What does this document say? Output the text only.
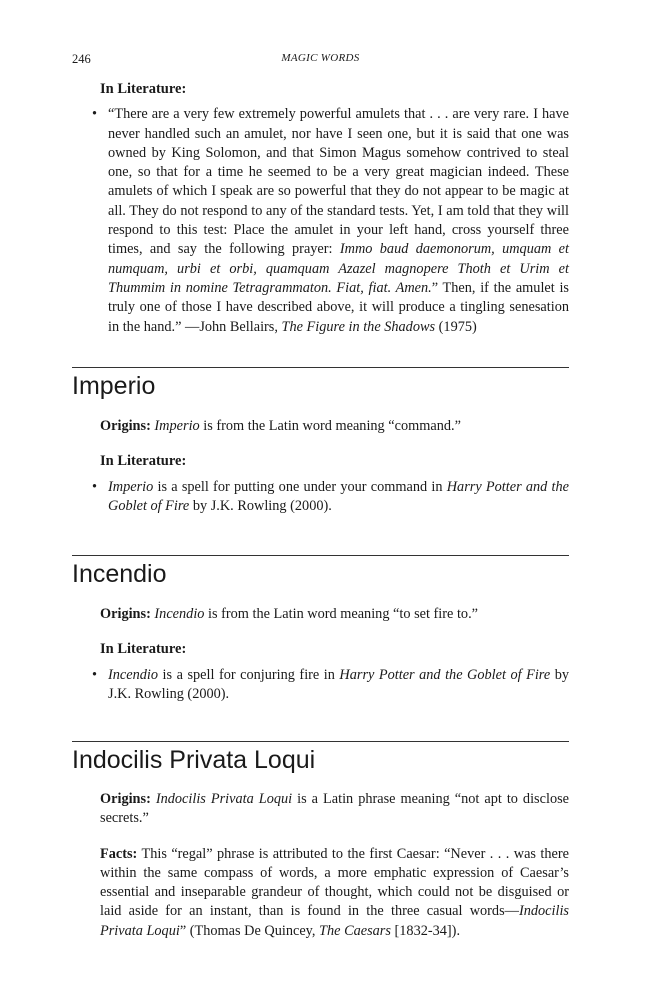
246	MAGIC WORDS
In Literature:
• “There are a very few extremely powerful amulets that . . . are very rare. I have never handled such an amulet, nor have I seen one, but it is said that one was owned by King Solomon, and that Simon Magus somehow contrived to steal one, so that for a time he seemed to be a very great magician indeed. These amulets of which I speak are so powerful that they do not appear to be magic at all. They do not respond to any of the standard tests. Yet, I am told that they will respond to this test: Place the amulet in your left hand, cross yourself three times, and say the following prayer: Immo baud daemonorum, umquam et numquam, urbi et orbi, quamquam Azazel magnopere Thoth et Urim et Thummim in nomine Tetragrammaton. Fiat, fiat. Amen.” Then, if the amulet is truly one of those I have described above, it will produce a tingling senesation in the hand.” —John Bellairs, The Figure in the Shadows (1975)
Imperio
Origins: Imperio is from the Latin word meaning “command.”
In Literature:
• Imperio is a spell for putting one under your command in Harry Potter and the Goblet of Fire by J.K. Rowling (2000).
Incendio
Origins: Incendio is from the Latin word meaning “to set fire to.”
In Literature:
• Incendio is a spell for conjuring fire in Harry Potter and the Goblet of Fire by J.K. Rowling (2000).
Indocilis Privata Loqui
Origins: Indocilis Privata Loqui is a Latin phrase meaning “not apt to disclose secrets.”
Facts: This “regal” phrase is attributed to the first Caesar: “Never . . . was there within the same compass of words, a more emphatic expression of Caesar’s essential and inseparable grandeur of thought, which could not be disguised or laid aside for an instant, than is found in the three casual words—Indocilis Privata Loqui” (Thomas De Quincey, The Caesars [1832-34]).
